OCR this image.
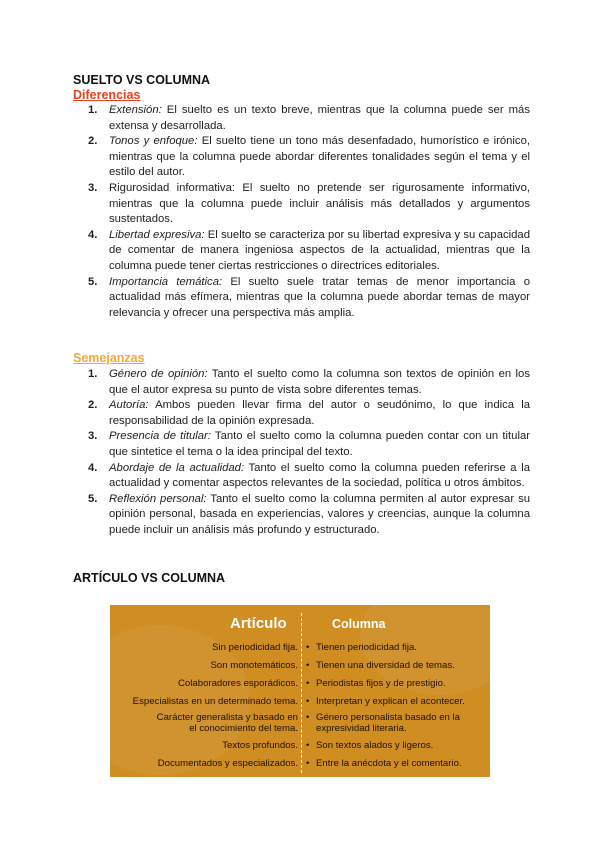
SUELTO VS COLUMNA
Diferencias
1. Extensión: El suelto es un texto breve, mientras que la columna puede ser más extensa y desarrollada.
2. Tonos y enfoque: El suelto tiene un tono más desenfadado, humorístico e irónico, mientras que la columna puede abordar diferentes tonalidades según el tema y el estilo del autor.
3. Rigurosidad informativa: El suelto no pretende ser rigurosamente informativo, mientras que la columna puede incluir análisis más detallados y argumentos sustentados.
4. Libertad expresiva: El suelto se caracteriza por su libertad expresiva y su capacidad de comentar de manera ingeniosa aspectos de la actualidad, mientras que la columna puede tener ciertas restricciones o directrices editoriales.
5. Importancia temática: El suelto suele tratar temas de menor importancia o actualidad más efímera, mientras que la columna puede abordar temas de mayor relevancia y ofrecer una perspectiva más amplia.
Semejanzas
1. Género de opinión: Tanto el suelto como la columna son textos de opinión en los que el autor expresa su punto de vista sobre diferentes temas.
2. Autoría: Ambos pueden llevar firma del autor o seudónimo, lo que indica la responsabilidad de la opinión expresada.
3. Presencia de titular: Tanto el suelto como la columna pueden contar con un titular que sintetice el tema o la idea principal del texto.
4. Abordaje de la actualidad: Tanto el suelto como la columna pueden referirse a la actualidad y comentar aspectos relevantes de la sociedad, política u otros ámbitos.
5. Reflexión personal: Tanto el suelto como la columna permiten al autor expresar su opinión personal, basada en experiencias, valores y creencias, aunque la columna puede incluir un análisis más profundo y estructurado.
ARTÍCULO VS COLUMNA
Artículo	Columna
Sin periodicidad fija.
Son monotemáticos.
Colaboradores esporádicos.
Especialistas en un determinado tema.
Carácter generalista y basado en el conocimiento del tema.
Textos profundos.
Documentados y especializados.
• Tienen periodicidad fija.
• Tienen una diversidad de temas.
• Periodistas fijos y de prestigio.
• Interpretan y explican el acontecer.
• Género personalista basado en la expresividad literaria.
• Son textos alados y ligeros.
• Entre la anécdota y el comentario.
